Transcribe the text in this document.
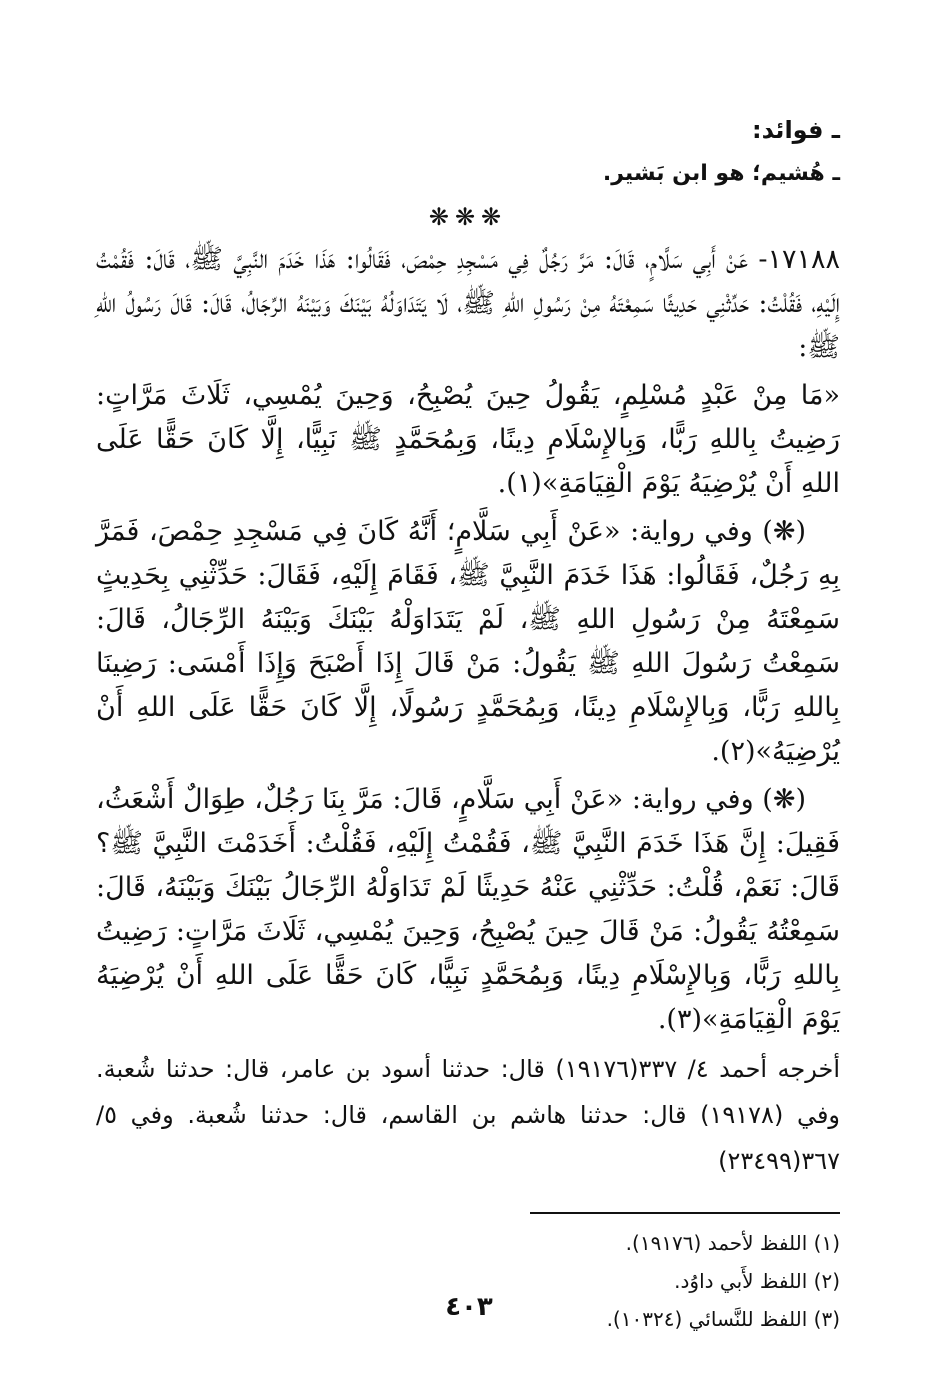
ـ فوائد:

ـ هُشيم؛ هو ابن بَشير.

❋❋❋

١٧١٨٨- عَنْ أَبِي سَلَّامٍ، قَالَ: مَرَّ رَجُلٌ فِي مَسْجِدِ حِمْصَ، فَقَالُوا: هَذَا خَدَمَ النَّبِيَّ ﷺ، قَالَ: فَقُمْتُ إِلَيْهِ، فَقُلْتُ: حَدِّثْنِي حَدِيثًا سَمِعْتَهُ مِنْ رَسُولِ اللهِ ﷺ، لَا يَتَدَاوَلُهُ بَيْنَكَ وَبَيْنَهُ الرِّجَالُ، قَالَ: قَالَ رَسُولُ اللهِ ﷺ:

«مَا مِنْ عَبْدٍ مُسْلِمٍ، يَقُولُ حِينَ يُصْبِحُ، وَحِينَ يُمْسِي، ثَلَاثَ مَرَّاتٍ: رَضِيتُ بِاللهِ رَبًّا، وَبِالإِسْلَامِ دِينًا، وَبِمُحَمَّدٍ ﷺ نَبِيًّا، إِلَّا كَانَ حَقًّا عَلَى اللهِ أَنْ يُرْضِيَهُ يَوْمَ الْقِيَامَةِ»(١).

(❋) وفي رواية: «عَنْ أَبِي سَلَّامٍ؛ أَنَّهُ كَانَ فِي مَسْجِدِ حِمْصَ، فَمَرَّ بِهِ رَجُلٌ، فَقَالُوا: هَذَا خَدَمَ النَّبِيَّ ﷺ، فَقَامَ إِلَيْهِ، فَقَالَ: حَدِّثْنِي بِحَدِيثٍ سَمِعْتَهُ مِنْ رَسُولِ اللهِ ﷺ، لَمْ يَتَدَاوَلْهُ بَيْنَكَ وَبَيْنَهُ الرِّجَالُ، قَالَ: سَمِعْتُ رَسُولَ اللهِ ﷺ يَقُولُ: مَنْ قَالَ إِذَا أَصْبَحَ وَإِذَا أَمْسَى: رَضِينَا بِاللهِ رَبًّا، وَبِالإِسْلَامِ دِينًا، وَبِمُحَمَّدٍ رَسُولًا، إِلَّا كَانَ حَقًّا عَلَى اللهِ أَنْ يُرْضِيَهُ»(٢).

(❋) وفي رواية: «عَنْ أَبِي سَلَّامٍ، قَالَ: مَرَّ بِنَا رَجُلٌ، طِوَالٌ أَشْعَثُ، فَقِيلَ: إِنَّ هَذَا خَدَمَ النَّبِيَّ ﷺ، فَقُمْتُ إِلَيْهِ، فَقُلْتُ: أَخَدَمْتَ النَّبِيَّ ﷺ؟ قَالَ: نَعَمْ، قُلْتُ: حَدِّثْنِي عَنْهُ حَدِيثًا لَمْ تَدَاوَلْهُ الرِّجَالُ بَيْنَكَ وَبَيْنَهُ، قَالَ: سَمِعْتُهُ يَقُولُ: مَنْ قَالَ حِينَ يُصْبِحُ، وَحِينَ يُمْسِي، ثَلَاثَ مَرَّاتٍ: رَضِيتُ بِاللهِ رَبًّا، وَبِالإِسْلَامِ دِينًا، وَبِمُحَمَّدٍ نَبِيًّا، كَانَ حَقًّا عَلَى اللهِ أَنْ يُرْضِيَهُ يَوْمَ الْقِيَامَةِ»(٣).

أخرجه أحمد ٤/ ٣٣٧(١٩١٧٦) قال: حدثنا أسود بن عامر، قال: حدثنا شُعبة. وفي (١٩١٧٨) قال: حدثنا هاشم بن القاسم، قال: حدثنا شُعبة. وفي ٥/ ٣٦٧(٢٣٤٩٩)

(١) اللفظ لأحمد (١٩١٧٦).

(٢) اللفظ لأَبي داوُد.

(٣) اللفظ للنَّسائي (١٠٣٢٤).

٤٠٣
